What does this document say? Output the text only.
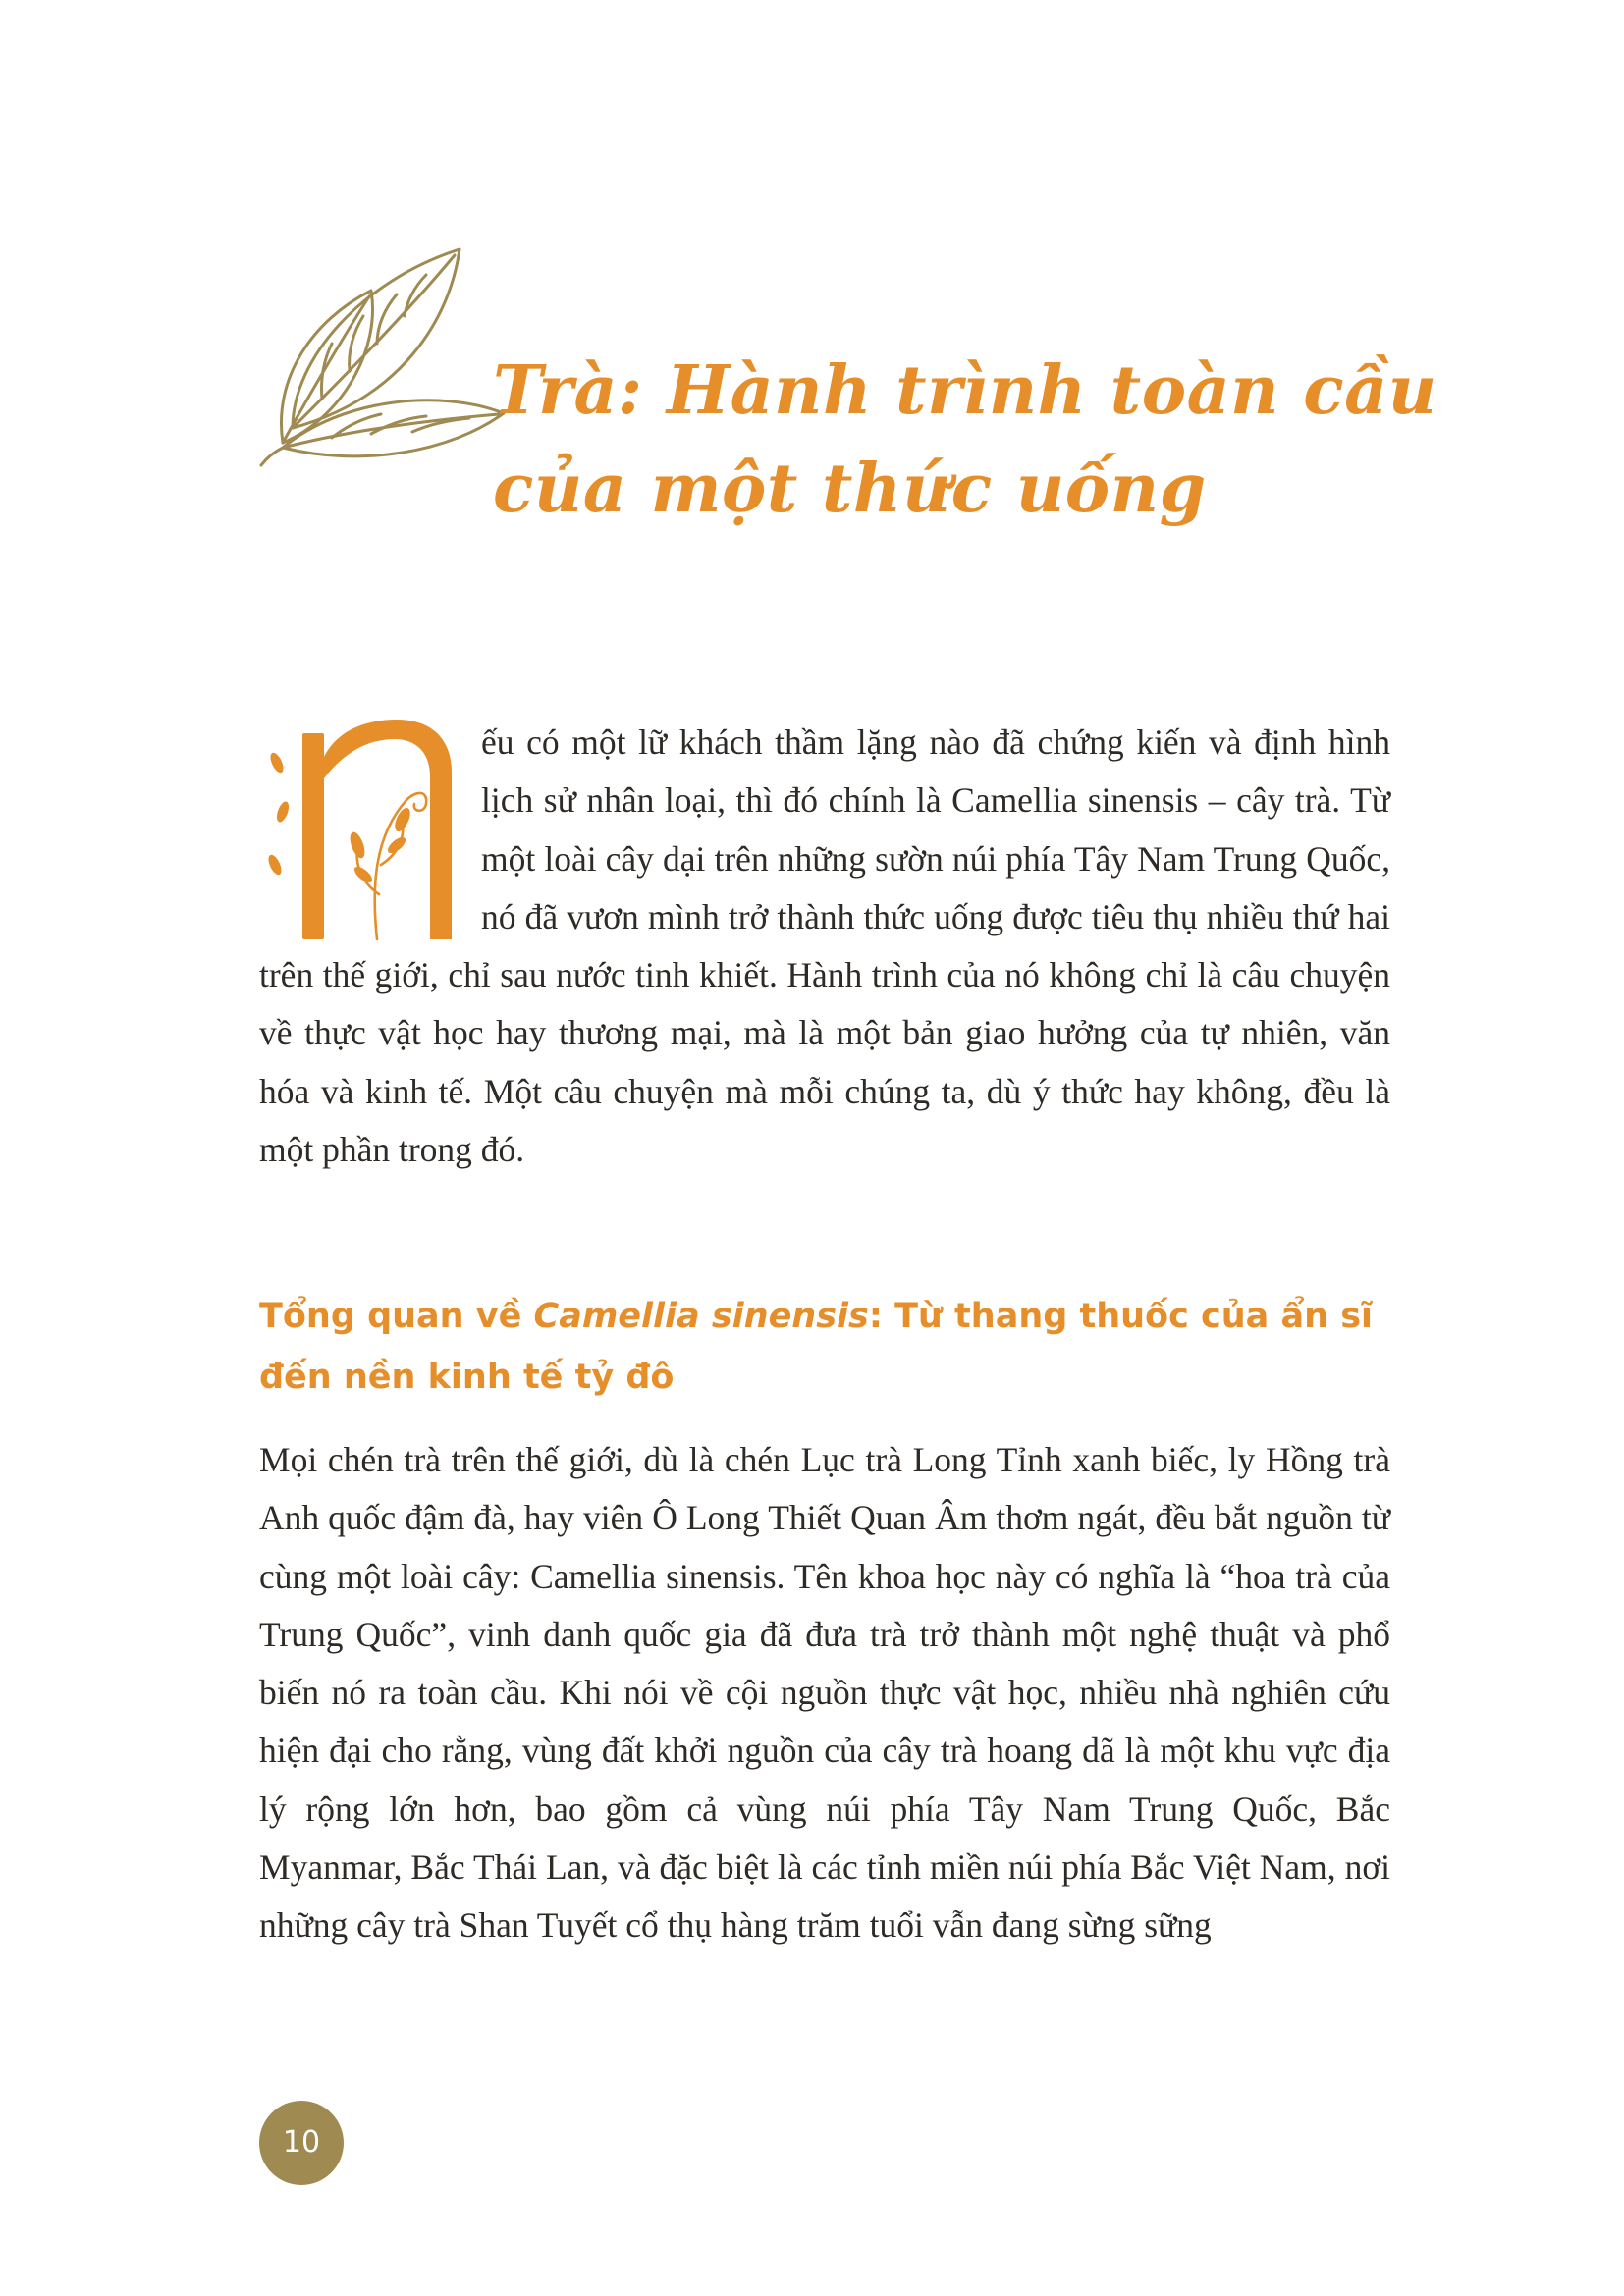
Trà: Hành trình toàn cầu
của một thức uống

ếu có một lữ khách thầm lặng nào đã chứng kiến và định hình lịch sử nhân loại, thì đó chính là Camellia sinensis – cây trà. Từ một loài cây dại trên những sườn núi phía Tây Nam Trung Quốc, nó đã vươn mình trở thành thức uống được tiêu thụ nhiều thứ hai trên thế giới, chỉ sau nước tinh khiết. Hành trình của nó không chỉ là câu chuyện về thực vật học hay thương mại, mà là một bản giao hưởng của tự nhiên, văn hóa và kinh tế. Một câu chuyện mà mỗi chúng ta, dù ý thức hay không, đều là một phần trong đó.

Tổng quan về Camellia sinensis: Từ thang thuốc của ẩn sĩ đến nền kinh tế tỷ đô

Mọi chén trà trên thế giới, dù là chén Lục trà Long Tỉnh xanh biếc, ly Hồng trà Anh quốc đậm đà, hay viên Ô Long Thiết Quan Âm thơm ngát, đều bắt nguồn từ cùng một loài cây: Camellia sinensis. Tên khoa học này có nghĩa là “hoa trà của Trung Quốc”, vinh danh quốc gia đã đưa trà trở thành một nghệ thuật và phổ biến nó ra toàn cầu. Khi nói về cội nguồn thực vật học, nhiều nhà nghiên cứu hiện đại cho rằng, vùng đất khởi nguồn của cây trà hoang dã là một khu vực địa lý rộng lớn hơn, bao gồm cả vùng núi phía Tây Nam Trung Quốc, Bắc Myanmar, Bắc Thái Lan, và đặc biệt là các tỉnh miền núi phía Bắc Việt Nam, nơi những cây trà Shan Tuyết cổ thụ hàng trăm tuổi vẫn đang sừng sững

10
